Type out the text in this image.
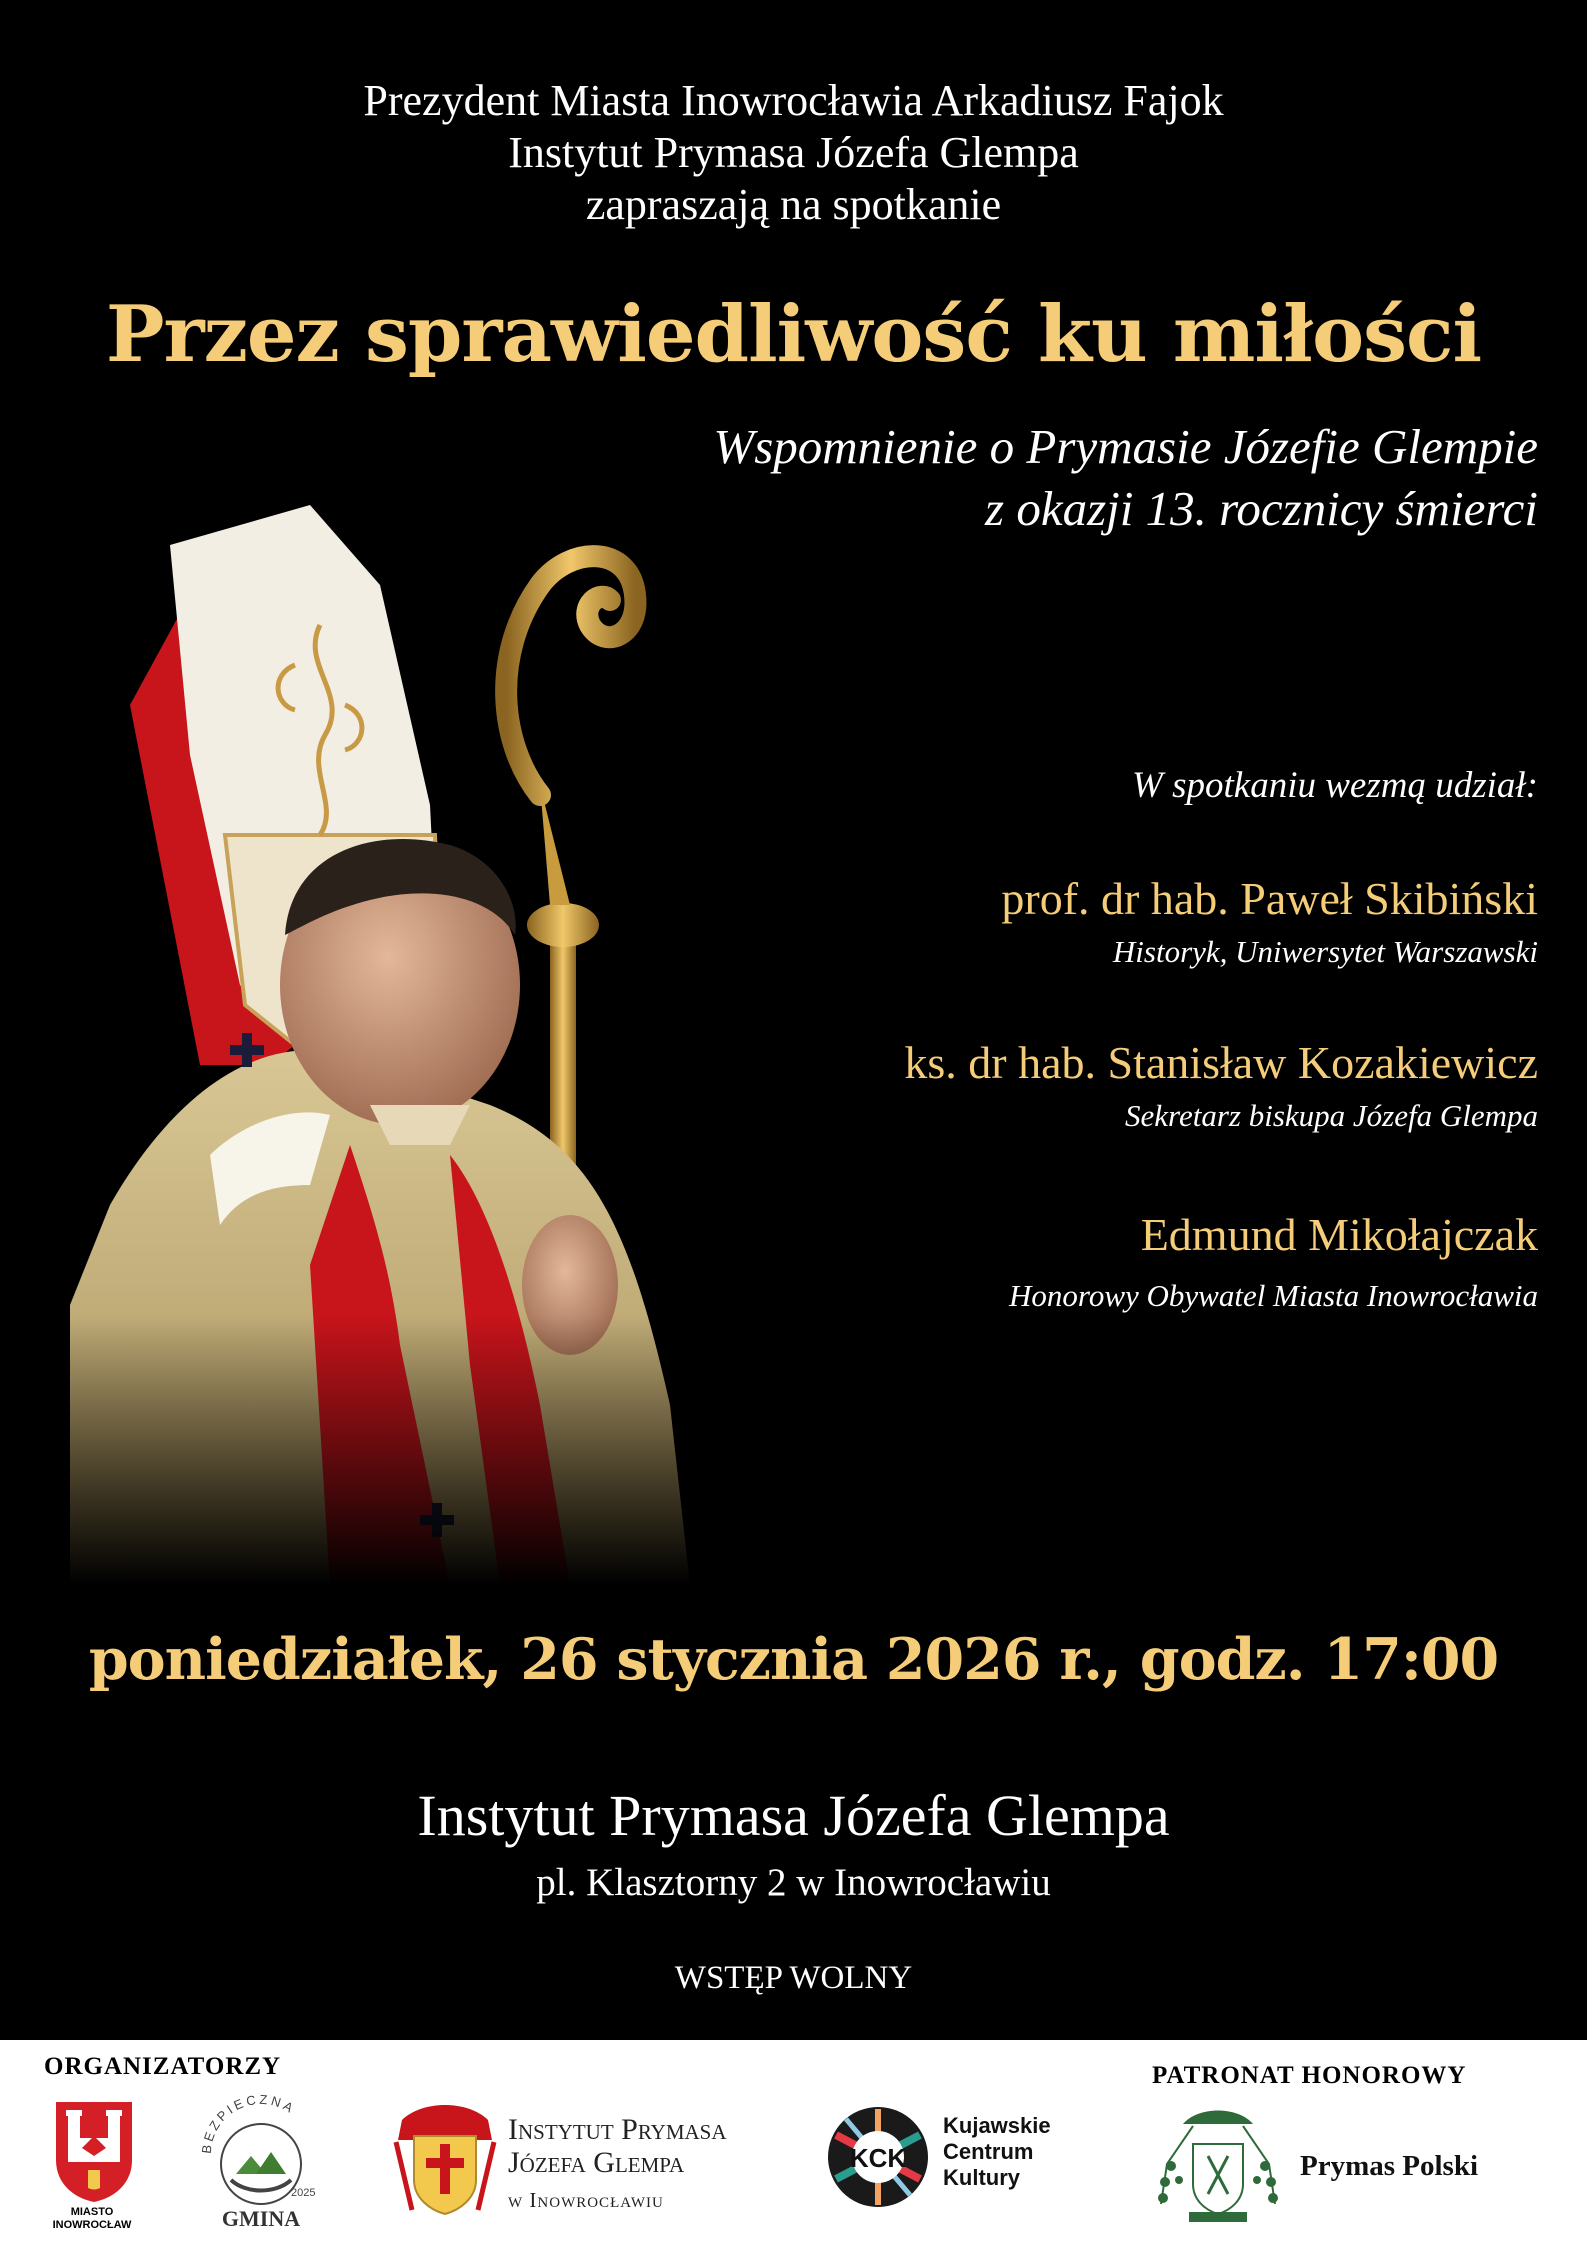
Prezydent Miasta Inowrocławia Arkadiusz Fajok
Instytut Prymasa Józefa Glempa
zapraszają na spotkanie
Przez sprawiedliwość ku miłości
Wspomnienie o Prymasie Józefie Glempie
z okazji 13. rocznicy śmierci
W spotkaniu wezmą udział:
prof. dr hab. Paweł Skibiński
Historyk, Uniwersytet Warszawski
ks. dr hab. Stanisław Kozakiewicz
Sekretarz biskupa Józefa Glempa
Edmund Mikołajczak
Honorowy Obywatel Miasta Inowrocławia
poniedziałek, 26 stycznia 2026 r., godz. 17:00
Instytut Prymasa Józefa Glempa
pl. Klasztorny 2 w Inowrocławiu
WSTĘP WOLNY
ORGANIZATORZY	PATRONAT HONOROWY
MIASTO
INOWROCŁAW
BEZPIECZNA
2025
GMINA
Instytut Prymasa
Józefa Glempa
w Inowrocławiu
KCK
Kujawskie
Centrum
Kultury	Prymas Polski
